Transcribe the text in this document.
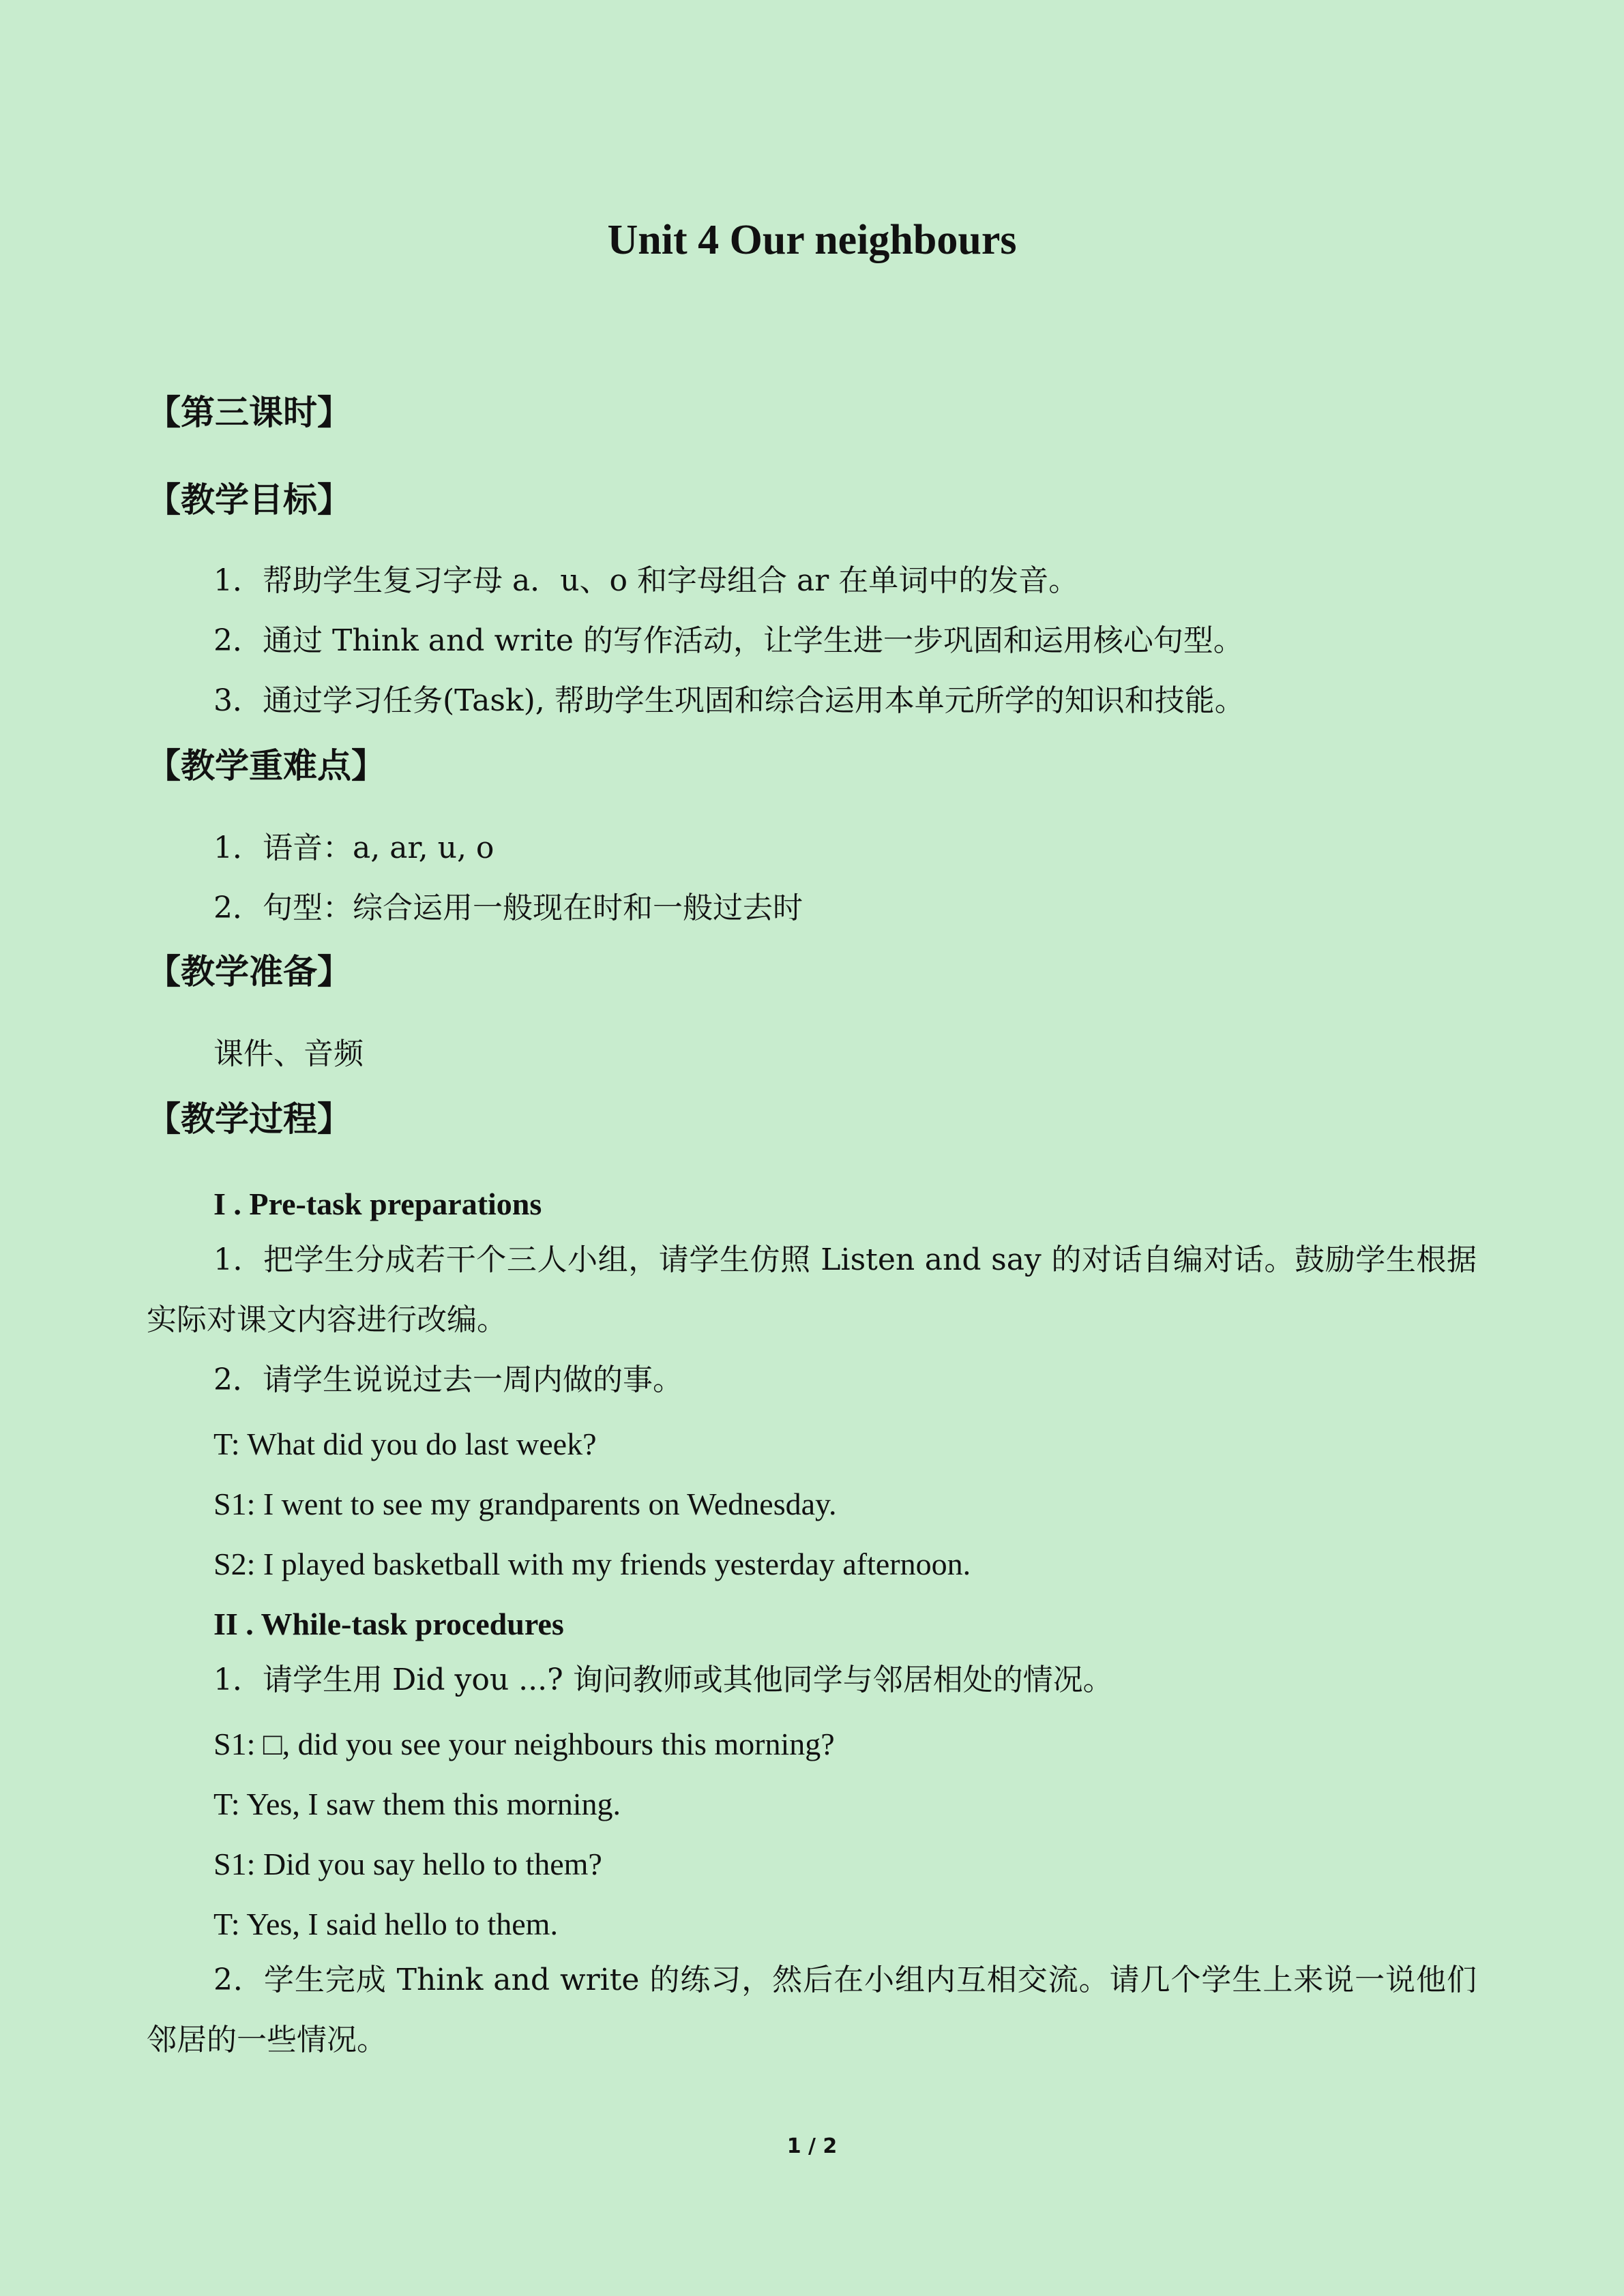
Unit 4 Our neighbours
【第三课时】
【教学目标】

1．帮助学生复习字母 a．u、o 和字母组合 ar 在单词中的发音。

2．通过 Think and write 的写作活动，让学生进一步巩固和运用核心句型。

3．通过学习任务(Task), 帮助学生巩固和综合运用本单元所学的知识和技能。

【教学重难点】

1．语音：a, ar, u, o

2．句型：综合运用一般现在时和一般过去时

【教学准备】

课件、音频

【教学过程】

I . Pre-task preparations

1．把学生分成若干个三人小组，请学生仿照 Listen and say 的对话自编对话。鼓励学生根据实际对课文内容进行改编。

2．请学生说说过去一周内做的事。

T: What did you do last week?

S1: I went to see my grandparents on Wednesday.

S2: I played basketball with my friends yesterday afternoon.

II . While-task procedures

1．请学生用 Did you ...? 询问教师或其他同学与邻居相处的情况。

S1: □, did you see your neighbours this morning?

T: Yes, I saw them this morning.

S1: Did you say hello to them?

T: Yes, I said hello to them.

2．学生完成 Think and write 的练习，然后在小组内互相交流。请几个学生上来说一说他们邻居的一些情况。

1 / 2
